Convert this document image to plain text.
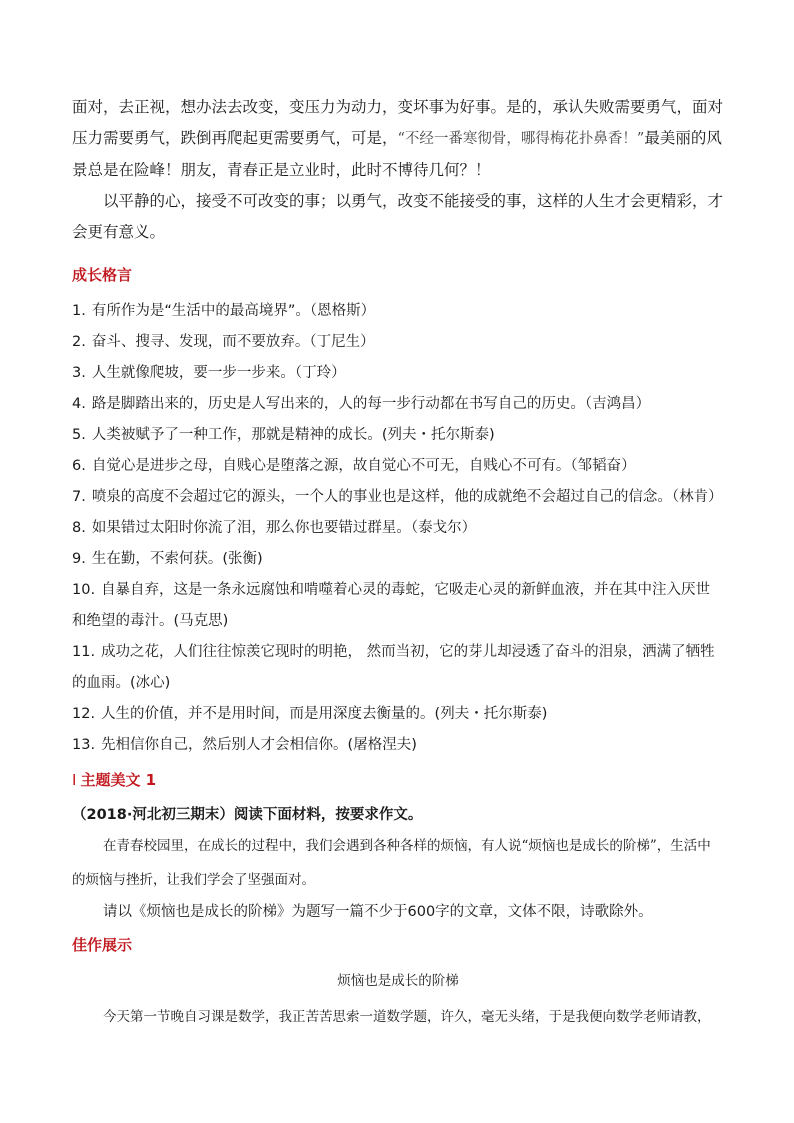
面对，去正视，想办法去改变，变压力为动力，变坏事为好事。是的，承认失败需要勇气，面对压力需要勇气，跌倒再爬起更需要勇气，可是，“不经一番寒彻骨，哪得梅花扑鼻香！”最美丽的风景总是在险峰！朋友，青春正是立业时，此时不博待几何？！

以平静的心，接受不可改变的事；以勇气，改变不能接受的事，这样的人生才会更精彩，才会更有意义。

成长格言
1. 有所作为是“生活中的最高境界”。（恩格斯）
2. 奋斗、搜寻、发现，而不要放弃。（丁尼生）
3. 人生就像爬坡，要一步一步来。（丁玲）
4. 路是脚踏出来的，历史是人写出来的，人的每一步行动都在书写自己的历史。（吉鸿昌）
5. 人类被赋予了一种工作，那就是精神的成长。(列夫・托尔斯泰)
6. 自觉心是进步之母，自贱心是堕落之源，故自觉心不可无，自贱心不可有。（邹韬奋）
7. 喷泉的高度不会超过它的源头，一个人的事业也是这样，他的成就绝不会超过自己的信念。（林肯）
8. 如果错过太阳时你流了泪，那么你也要错过群星。（泰戈尔）
9. 生在勤，不索何获。(张衡)
10. 自暴自弃，这是一条永远腐蚀和啃噬着心灵的毒蛇，它吸走心灵的新鲜血液，并在其中注入厌世和绝望的毒汁。(马克思)
11. 成功之花，人们往往惊羡它现时的明艳， 然而当初，它的芽儿却浸透了奋斗的泪泉，洒满了牺牲的血雨。(冰心)
12. 人生的价值，并不是用时间，而是用深度去衡量的。(列夫・托尔斯泰)
13. 先相信你自己，然后别人才会相信你。(屠格涅夫)
I 主题美文 1
（2018·河北初三期末）阅读下面材料，按要求作文。

在青春校园里，在成长的过程中，我们会遇到各种各样的烦恼，有人说“烦恼也是成长的阶梯”，生活中的烦恼与挫折，让我们学会了坚强面对。

请以《烦恼也是成长的阶梯》为题写一篇不少于600字的文章，文体不限，诗歌除外。

佳作展示
烦恼也是成长的阶梯

今天第一节晚自习课是数学，我正苦苦思索一道数学题，许久，毫无头绪，于是我便向数学老师请教，
